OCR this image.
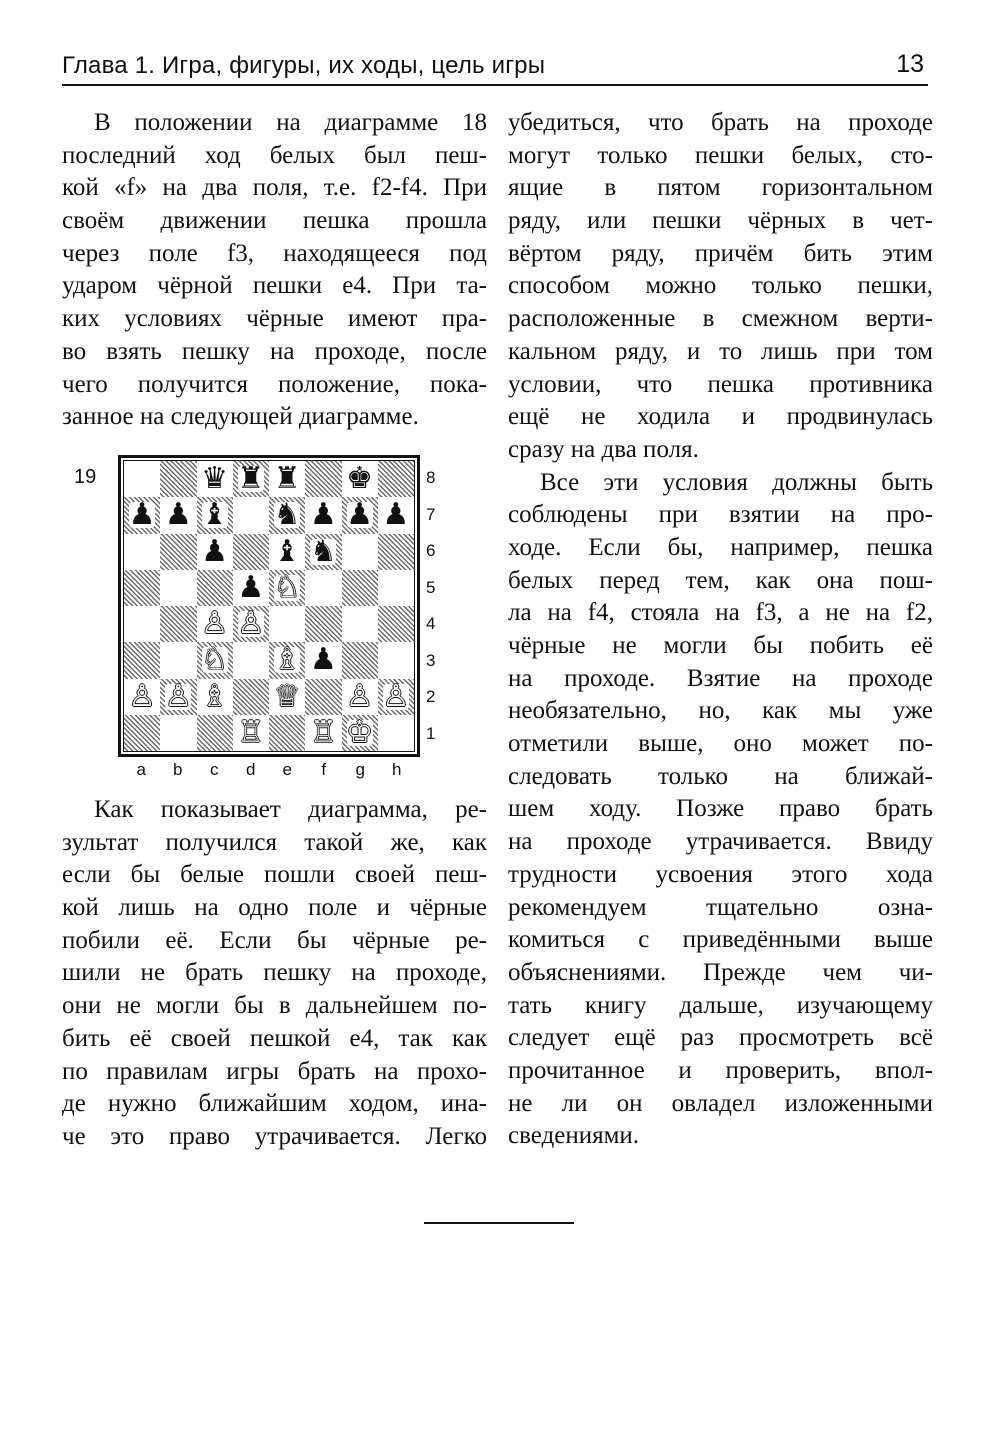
Глава 1. Игра, фигуры, их ходы, цель игры	13
В положении на диаграмме 18
последний ход белых был пеш-
кой «f» на два поля, т.е. f2-f4. При
своём движении пешка прошла
через поле f3, находящееся под
ударом чёрной пешки e4. При та-
ких условиях чёрные имеют пра-
во взять пешку на проходе, после
чего получится положение, пока-
занное на следующей диаграмме.
19	♛ ♜ ♜ ♚
♟ ♟ ♝ ♞ ♟ ♟ ♟
♟ ♝ ♞
♟ ♘
♙ ♙
♘ ♗ ♟
♙ ♙ ♗ ♕ ♙ ♙
♖ ♖ ♔
8
7
6
5
4
3
2
1
a	b	c	d	e	f	g	h
Как показывает диаграмма, ре-
зультат получился такой же, как
если бы белые пошли своей пеш-
кой лишь на одно поле и чёрные
побили её. Если бы чёрные ре-
шили не брать пешку на проходе,
они не могли бы в дальнейшем по-
бить её своей пешкой e4, так как
по правилам игры брать на прохо-
де нужно ближайшим ходом, ина-
че это право утрачивается. Легко
убедиться, что брать на проходе
могут только пешки белых, сто-
ящие в пятом горизонтальном
ряду, или пешки чёрных в чет-
вёртом ряду, причём бить этим
способом можно только пешки,
расположенные в смежном верти-
кальном ряду, и то лишь при том
условии, что пешка противника
ещё не ходила и продвинулась
сразу на два поля.
Все эти условия должны быть
соблюдены при взятии на про-
ходе. Если бы, например, пешка
белых перед тем, как она пош-
ла на f4, стояла на f3, а не на f2,
чёрные не могли бы побить её
на проходе. Взятие на проходе
необязательно, но, как мы уже
отметили выше, оно может по-
следовать только на ближай-
шем ходу. Позже право брать
на проходе утрачивается. Ввиду
трудности усвоения этого хода
рекомендуем тщательно озна-
комиться с приведёнными выше
объяснениями. Прежде чем чи-
тать книгу дальше, изучающему
следует ещё раз просмотреть всё
прочитанное и проверить, впол-
не ли он овладел изложенными
сведениями.
